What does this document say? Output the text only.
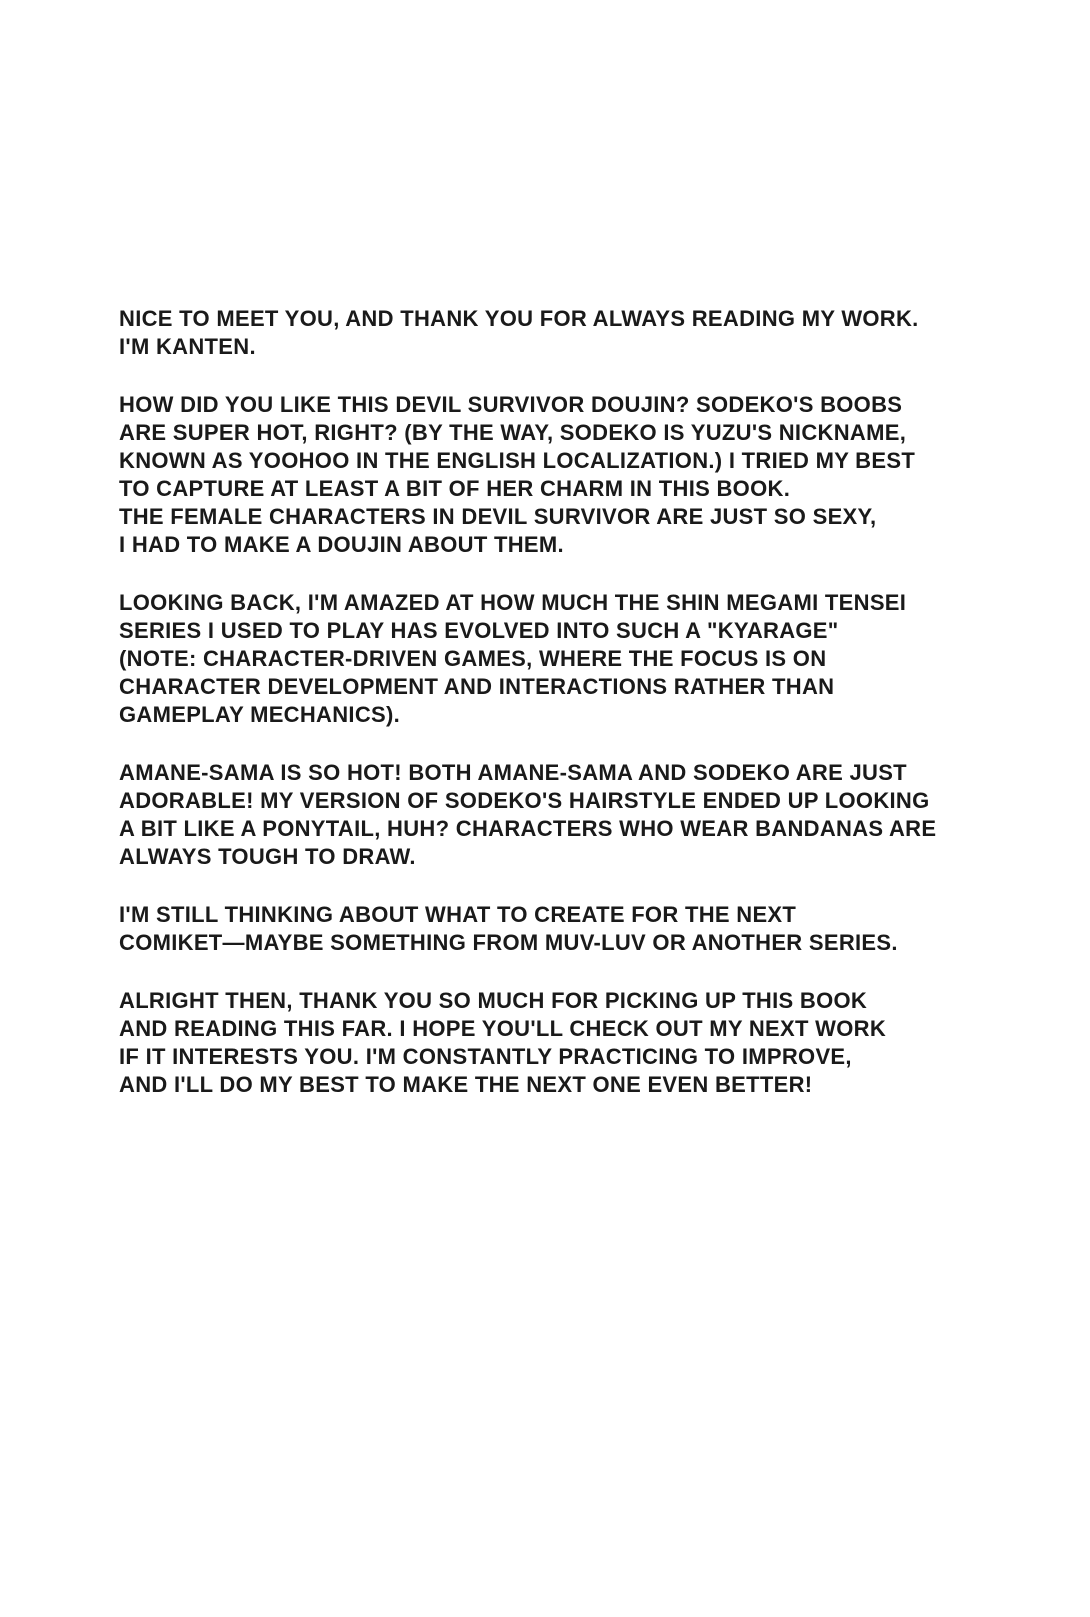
NICE TO MEET YOU, AND THANK YOU FOR ALWAYS READING MY WORK.
I'M KANTEN.

HOW DID YOU LIKE THIS DEVIL SURVIVOR DOUJIN? SODEKO'S BOOBS
ARE SUPER HOT, RIGHT? (BY THE WAY, SODEKO IS YUZU'S NICKNAME,
KNOWN AS YOOHOO IN THE ENGLISH LOCALIZATION.) I TRIED MY BEST
TO CAPTURE AT LEAST A BIT OF HER CHARM IN THIS BOOK.
THE FEMALE CHARACTERS IN DEVIL SURVIVOR ARE JUST SO SEXY,
I HAD TO MAKE A DOUJIN ABOUT THEM.

LOOKING BACK, I'M AMAZED AT HOW MUCH THE SHIN MEGAMI TENSEI
SERIES I USED TO PLAY HAS EVOLVED INTO SUCH A "KYARAGE"
(NOTE: CHARACTER-DRIVEN GAMES, WHERE THE FOCUS IS ON
CHARACTER DEVELOPMENT AND INTERACTIONS RATHER THAN
GAMEPLAY MECHANICS).

AMANE-SAMA IS SO HOT! BOTH AMANE-SAMA AND SODEKO ARE JUST
ADORABLE! MY VERSION OF SODEKO'S HAIRSTYLE ENDED UP LOOKING
A BIT LIKE A PONYTAIL, HUH? CHARACTERS WHO WEAR BANDANAS ARE
ALWAYS TOUGH TO DRAW.

I'M STILL THINKING ABOUT WHAT TO CREATE FOR THE NEXT
COMIKET—MAYBE SOMETHING FROM MUV-LUV OR ANOTHER SERIES.

ALRIGHT THEN, THANK YOU SO MUCH FOR PICKING UP THIS BOOK
AND READING THIS FAR. I HOPE YOU'LL CHECK OUT MY NEXT WORK
IF IT INTERESTS YOU. I'M CONSTANTLY PRACTICING TO IMPROVE,
AND I'LL DO MY BEST TO MAKE THE NEXT ONE EVEN BETTER!
